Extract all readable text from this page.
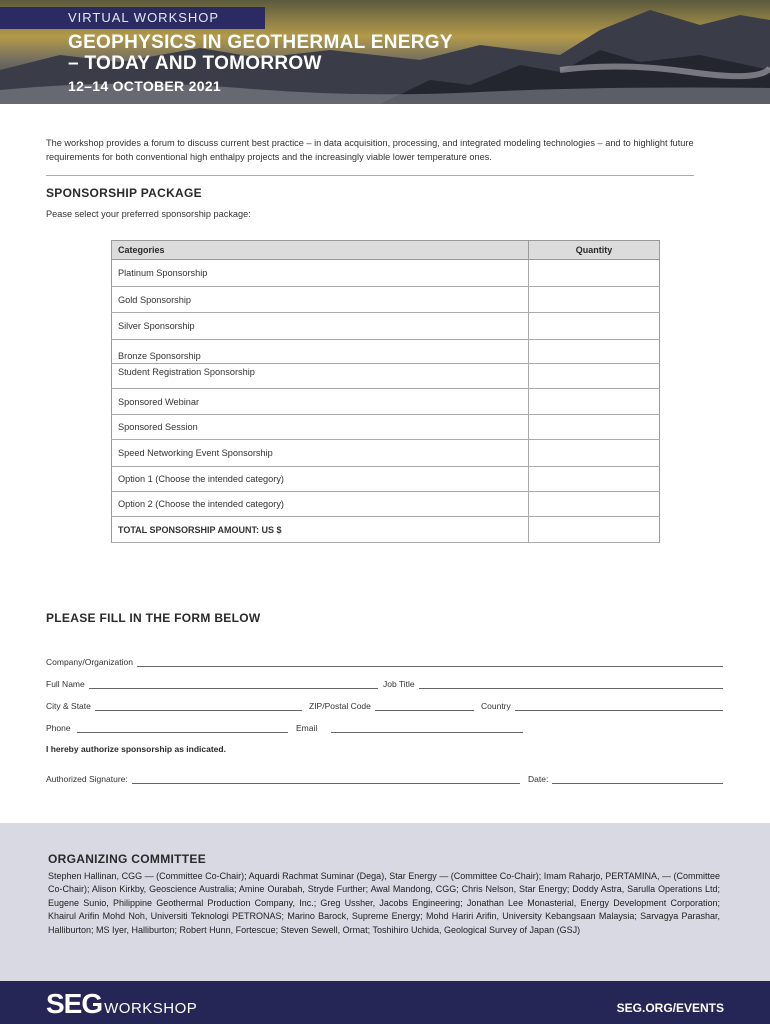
VIRTUAL WORKSHOP
GEOPHYSICS IN GEOTHERMAL ENERGY
– TODAY AND TOMORROW
12–14 OCTOBER 2021
The workshop provides a forum to discuss current best practice – in data acquisition, processing, and integrated modeling technologies – and to highlight future requirements for both conventional high enthalpy projects and the increasingly viable lower temperature ones.
SPONSORSHIP PACKAGE
Pease select your preferred sponsorship package:
Categories	Quantity
Platinum Sponsorship	
Gold Sponsorship	
Silver Sponsorship	
Bronze Sponsorship	
Student Registration Sponsorship	
Sponsored Webinar	
Sponsored Session	
Speed Networking Event Sponsorship	
Option 1 (Choose the intended category)	
Option 2 (Choose the intended category)	
TOTAL SPONSORSHIP AMOUNT: US $	
PLEASE FILL IN THE FORM BELOW
Company/Organization
Full Name	Job Title
City & State	ZIP/Postal Code	Country
Phone	Email
I hereby authorize sponsorship as indicated.
Authorized Signature:	Date:
ORGANIZING COMMITTEE
Stephen Hallinan, CGG — (Committee Co-Chair); Aquardi Rachmat Suminar (Dega), Star Energy — (Committee Co-Chair); Imam Raharjo, PERTAMINA, — (Committee Co-Chair); Alison Kirkby, Geoscience Australia; Amine Ourabah, Stryde Further; Awal Mandong, CGG; Chris Nelson, Star Energy; Doddy Astra, Sarulla Operations Ltd; Eugene Sunio, Philippine Geothermal Production Company, Inc.; Greg Ussher, Jacobs Engineering; Jonathan Lee Monasterial, Energy Development Corporation; Khairul Arifin Mohd Noh, Universiti Teknologi PETRONAS; Marino Barock, Supreme Energy; Mohd Hariri Arifin, University Kebangsaan Malaysia; Sarvagya Parashar, Halliburton; MS Iyer, Halliburton; Robert Hunn, Fortescue; Steven Sewell, Ormat; Toshihiro Uchida, Geological Survey of Japan (GSJ)
SEG WORKSHOP	SEG.ORG/EVENTS
